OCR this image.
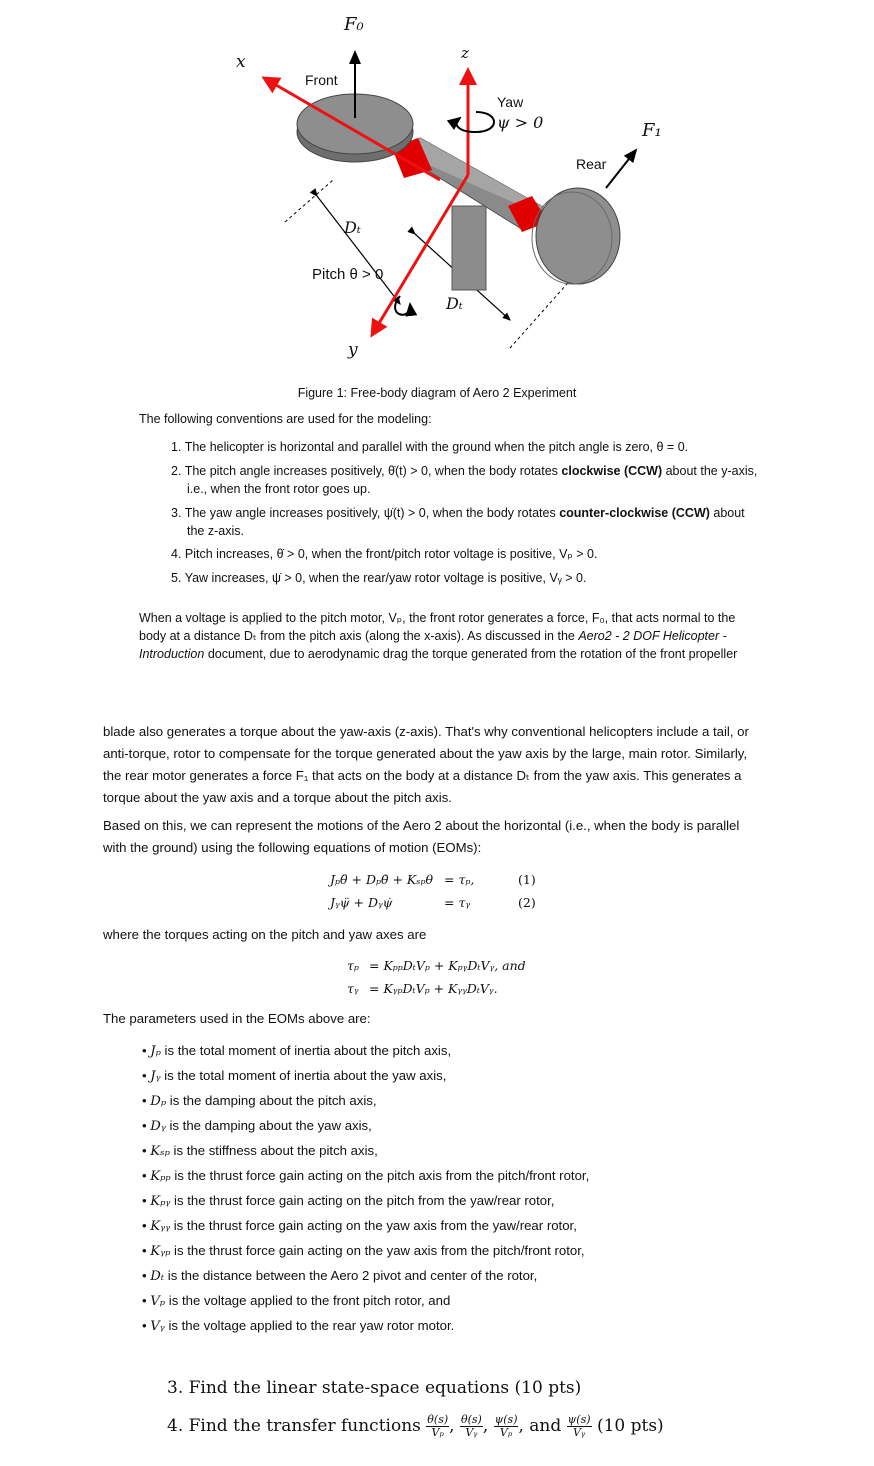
F₀
x
Front
z
Yaw
ψ > 0	F₁
Rear
Dₜ
Pitch θ > 0
Dₜ
y
Figure 1: Free-body diagram of Aero 2 Experiment
The following conventions are used for the modeling:
1. The helicopter is horizontal and parallel with the ground when the pitch angle is zero, θ = 0.
2. The pitch angle increases positively, θ̇(t) > 0, when the body rotates clockwise (CCW) about the y-axis,
i.e., when the front rotor goes up.
3. The yaw angle increases positively, ψ̇(t) > 0, when the body rotates counter-clockwise (CCW) about
the z-axis.
4. Pitch increases, θ̇ > 0, when the front/pitch rotor voltage is positive, Vₚ > 0.
5. Yaw increases, ψ̇ > 0, when the rear/yaw rotor voltage is positive, Vᵧ > 0.
When a voltage is applied to the pitch motor, Vₚ, the front rotor generates a force, F₀, that acts normal to the
body at a distance Dₜ from the pitch axis (along the x-axis). As discussed in the Aero2 - 2 DOF Helicopter -
Introduction document, due to aerodynamic drag the torque generated from the rotation of the front propeller
blade also generates a torque about the yaw-axis (z-axis). That's why conventional helicopters include a tail, or
anti-torque, rotor to compensate for the torque generated about the yaw axis by the large, main rotor. Similarly,
the rear motor generates a force F₁ that acts on the body at a distance Dₜ from the yaw axis. This generates a
torque about the yaw axis and a torque about the pitch axis.
Based on this, we can represent the motions of the Aero 2 about the horizontal (i.e., when the body is parallel
with the ground) using the following equations of motion (EOMs):
Jₚθ̈ + Dₚθ̇ + Kₛₚθ = τₚ,	(1)
Jᵧψ̈ + Dᵧψ̇	= τᵧ	(2)
where the torques acting on the pitch and yaw axes are
τₚ = KₚₚDₜVₚ + KₚᵧDₜVᵧ, and
τᵧ = KᵧₚDₜVₚ + KᵧᵧDₜVᵧ.
The parameters used in the EOMs above are:
• Jₚ is the total moment of inertia about the pitch axis,
• Jᵧ is the total moment of inertia about the yaw axis,
• Dₚ is the damping about the pitch axis,
• Dᵧ is the damping about the yaw axis,
• Kₛₚ is the stiffness about the pitch axis,
• Kₚₚ is the thrust force gain acting on the pitch axis from the pitch/front rotor,
• Kₚᵧ is the thrust force gain acting on the pitch from the yaw/rear rotor,
• Kᵧᵧ is the thrust force gain acting on the yaw axis from the yaw/rear rotor,
• Kᵧₚ is the thrust force gain acting on the yaw axis from the pitch/front rotor,
• Dₜ is the distance between the Aero 2 pivot and center of the rotor,
• Vₚ is the voltage applied to the front pitch rotor, and
• Vᵧ is the voltage applied to the rear yaw rotor motor.
3. Find the linear state-space equations (10 pts)
4. Find the transfer functions $\frac{\theta(s)}{\text{Vₚ}}$ , $\frac{\theta(s)}{\text{Vᵧ}}$ , $\frac{\psi(s)}{\text{Vₚ}}$ , and $\frac{\psi(s)}{\text{Vᵧ}} (10$ pts)
